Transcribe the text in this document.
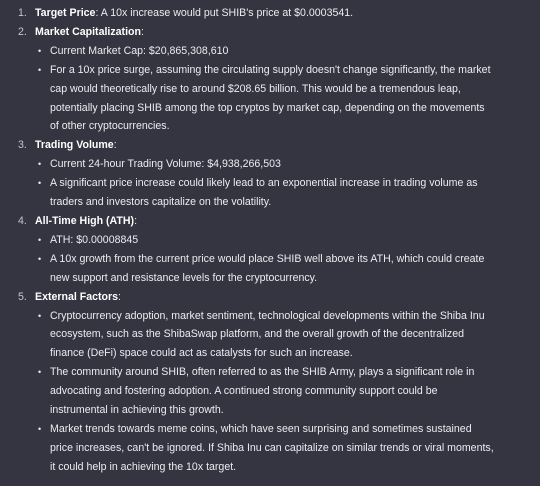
1. Target Price: A 10x increase would put SHIB's price at $0.0003541.
2. Market Capitalization:
• Current Market Cap: $20,865,308,610
• For a 10x price surge, assuming the circulating supply doesn't change significantly, the market
cap would theoretically rise to around $208.65 billion. This would be a tremendous leap,
potentially placing SHIB among the top cryptos by market cap, depending on the movements
of other cryptocurrencies.
3. Trading Volume:
• Current 24-hour Trading Volume: $4,938,266,503
• A significant price increase could likely lead to an exponential increase in trading volume as
traders and investors capitalize on the volatility.
4. All-Time High (ATH):
• ATH: $0.00008845
• A 10x growth from the current price would place SHIB well above its ATH, which could create
new support and resistance levels for the cryptocurrency.
5. External Factors:
• Cryptocurrency adoption, market sentiment, technological developments within the Shiba Inu
ecosystem, such as the ShibaSwap platform, and the overall growth of the decentralized
finance (DeFi) space could act as catalysts for such an increase.
• The community around SHIB, often referred to as the SHIB Army, plays a significant role in
advocating and fostering adoption. A continued strong community support could be
instrumental in achieving this growth.
• Market trends towards meme coins, which have seen surprising and sometimes sustained
price increases, can't be ignored. If Shiba Inu can capitalize on similar trends or viral moments,
it could help in achieving the 10x target.
